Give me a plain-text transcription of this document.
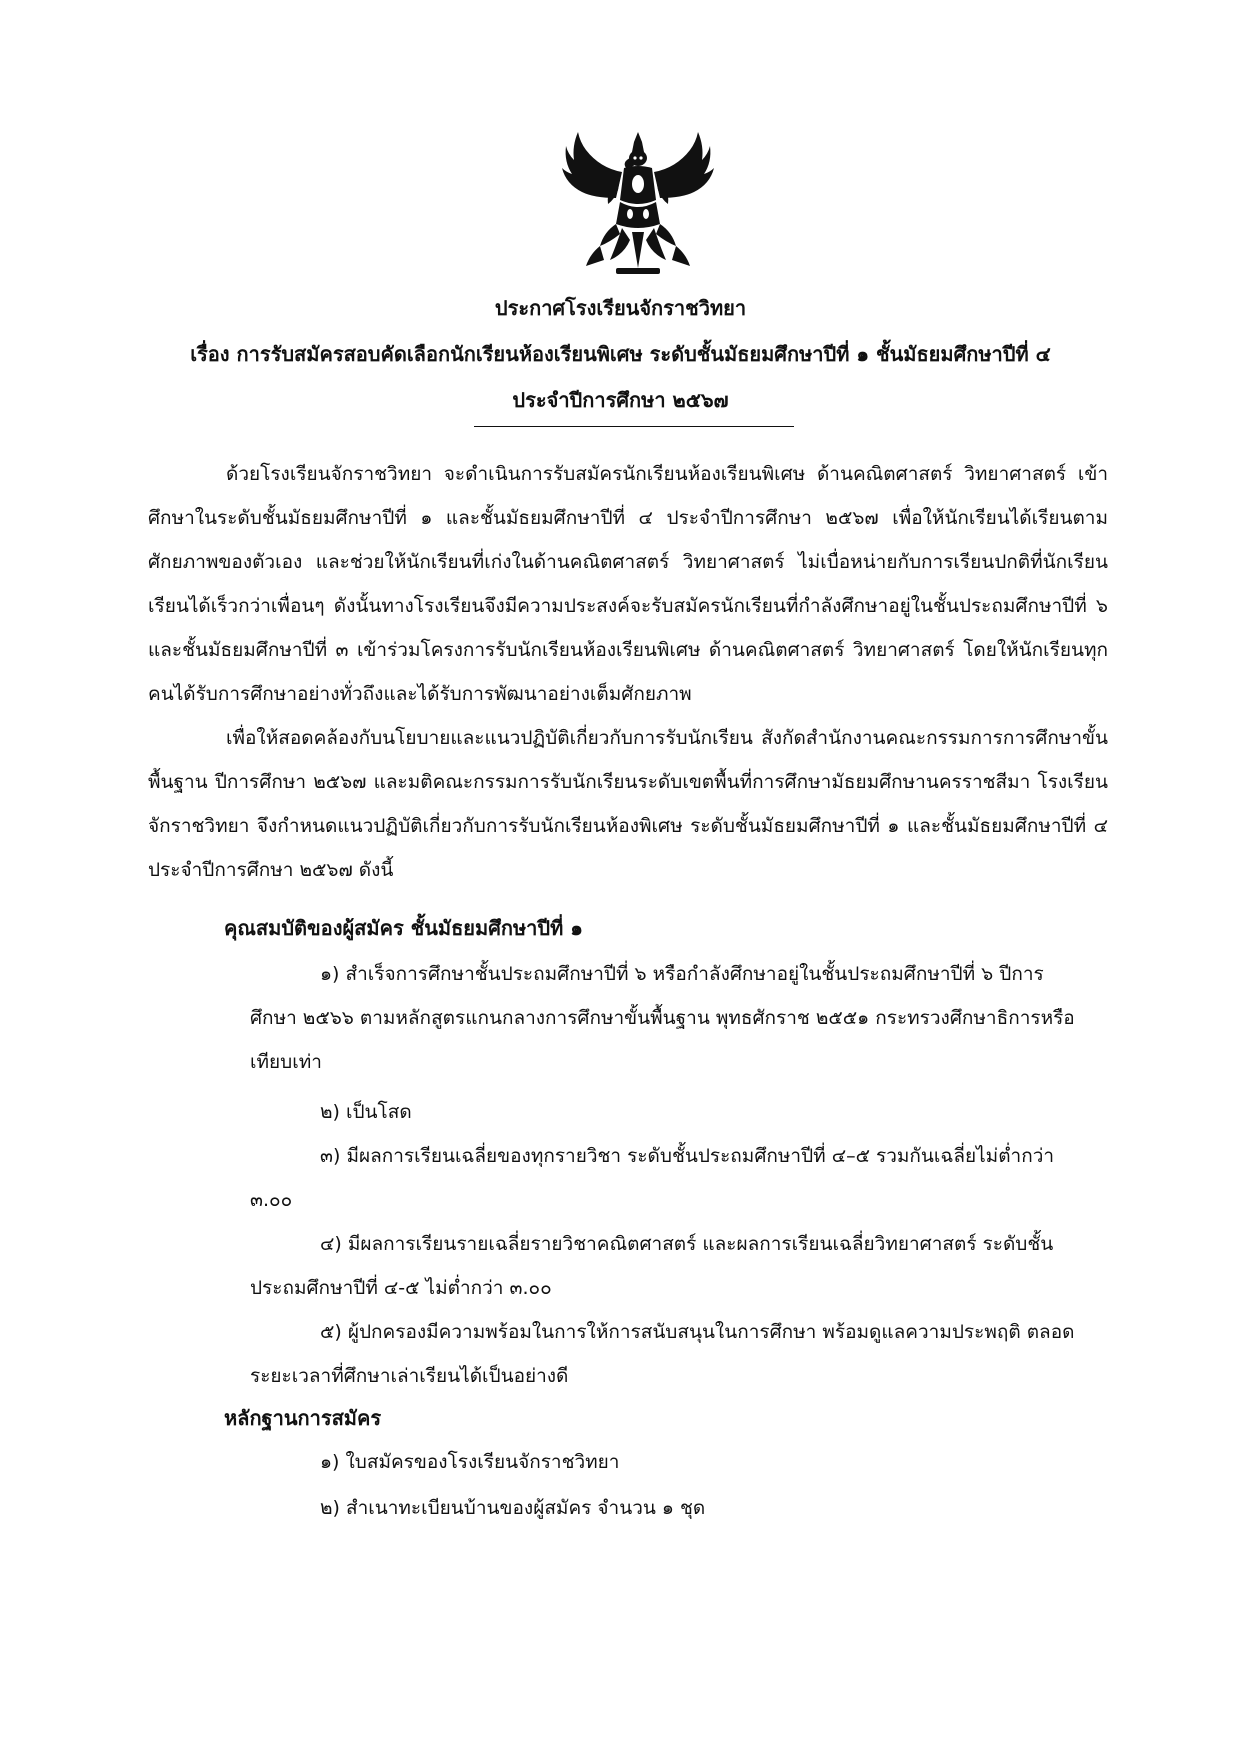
ประกาศโรงเรียนจักราชวิทยา
เรื่อง การรับสมัครสอบคัดเลือกนักเรียนห้องเรียนพิเศษ ระดับชั้นมัธยมศึกษาปีที่ ๑ ชั้นมัธยมศึกษาปีที่ ๔
ประจำปีการศึกษา ๒๕๖๗
ด้วยโรงเรียนจักราชวิทยา จะดำเนินการรับสมัครนักเรียนห้องเรียนพิเศษ ด้านคณิตศาสตร์ วิทยาศาสตร์ เข้าศึกษาในระดับชั้นมัธยมศึกษาปีที่ ๑ และชั้นมัธยมศึกษาปีที่ ๔ ประจำปีการศึกษา ๒๕๖๗ เพื่อให้นักเรียนได้เรียนตามศักยภาพของตัวเอง และช่วยให้นักเรียนที่เก่งในด้านคณิตศาสตร์ วิทยาศาสตร์ ไม่เบื่อหน่ายกับการเรียนปกติที่นักเรียนเรียนได้เร็วกว่าเพื่อนๆ ดังนั้นทางโรงเรียนจึงมีความประสงค์จะรับสมัครนักเรียนที่กำลังศึกษาอยู่ในชั้นประถมศึกษาปีที่ ๖ และชั้นมัธยมศึกษาปีที่ ๓ เข้าร่วมโครงการรับนักเรียนห้องเรียนพิเศษ ด้านคณิตศาสตร์ วิทยาศาสตร์ โดยให้นักเรียนทุกคนได้รับการศึกษาอย่างทั่วถึงและได้รับการพัฒนาอย่างเต็มศักยภาพ
เพื่อให้สอดคล้องกับนโยบายและแนวปฏิบัติเกี่ยวกับการรับนักเรียน สังกัดสำนักงานคณะกรรมการการศึกษาขั้นพื้นฐาน ปีการศึกษา ๒๕๖๗ และมติคณะกรรมการรับนักเรียนระดับเขตพื้นที่การศึกษามัธยมศึกษานครราชสีมา โรงเรียนจักราชวิทยา จึงกำหนดแนวปฏิบัติเกี่ยวกับการรับนักเรียนห้องพิเศษ ระดับชั้นมัธยมศึกษาปีที่ ๑ และชั้นมัธยมศึกษาปีที่ ๔ ประจำปีการศึกษา ๒๕๖๗ ดังนี้
คุณสมบัติของผู้สมัคร ชั้นมัธยมศึกษาปีที่ ๑
๑) สำเร็จการศึกษาชั้นประถมศึกษาปีที่ ๖ หรือกำลังศึกษาอยู่ในชั้นประถมศึกษาปีที่ ๖ ปีการศึกษา ๒๕๖๖ ตามหลักสูตรแกนกลางการศึกษาขั้นพื้นฐาน พุทธศักราช ๒๕๕๑ กระทรวงศึกษาธิการหรือเทียบเท่า
๒) เป็นโสด
๓) มีผลการเรียนเฉลี่ยของทุกรายวิชา ระดับชั้นประถมศึกษาปีที่ ๔–๕ รวมกันเฉลี่ยไม่ต่ำกว่า ๓.๐๐
๔) มีผลการเรียนรายเฉลี่ยรายวิชาคณิตศาสตร์ และผลการเรียนเฉลี่ยวิทยาศาสตร์ ระดับชั้นประถมศึกษาปีที่ ๔-๕ ไม่ต่ำกว่า ๓.๐๐
๕) ผู้ปกครองมีความพร้อมในการให้การสนับสนุนในการศึกษา พร้อมดูแลความประพฤติ ตลอดระยะเวลาที่ศึกษาเล่าเรียนได้เป็นอย่างดี
หลักฐานการสมัคร
๑) ใบสมัครของโรงเรียนจักราชวิทยา
๒) สำเนาทะเบียนบ้านของผู้สมัคร จำนวน ๑ ชุด
